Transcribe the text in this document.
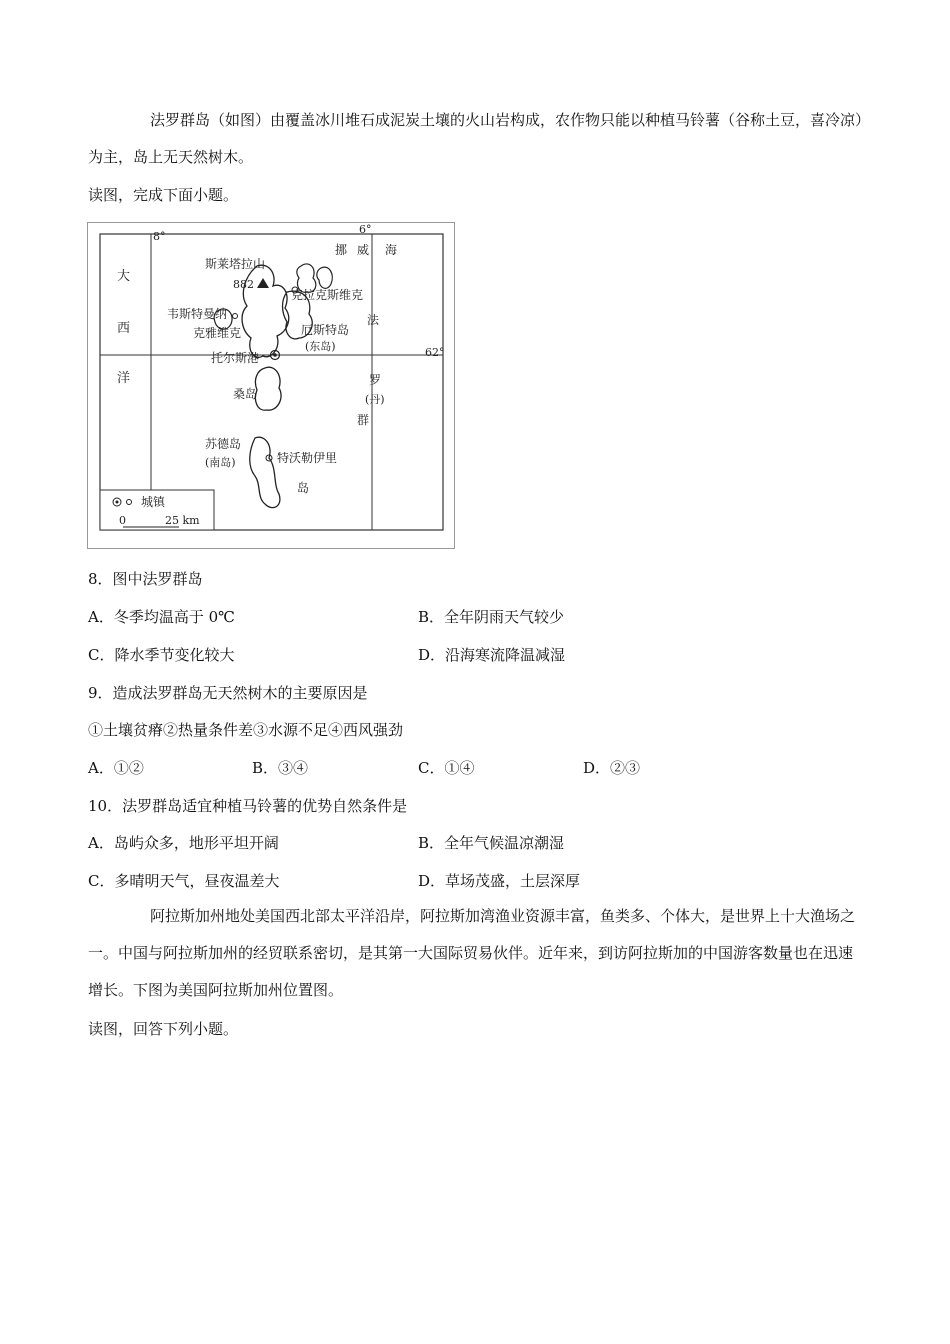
法罗群岛（如图）由覆盖冰川堆石成泥炭土壤的火山岩构成，农作物只能以种植马铃薯（谷称土豆，喜冷凉）为主，岛上无天然树木。

读图，完成下面小题。

8°
6°
62°
大
西
洋
挪 威 海
斯莱塔拉山
882
克拉克斯维克
韦斯特曼纳
克雅维克
法
厄斯特岛
(东岛)
托尔斯港
罗
(丹)
桑岛
群
苏德岛
(南岛)	特沃勒伊里
岛
城镇
0	25 km

8．图中法罗群岛

A．冬季均温高于 0℃	B．全年阴雨天气较少
C．降水季节变化较大	D．沿海寒流降温减湿

9．造成法罗群岛无天然树木的主要原因是

①土壤贫瘠②热量条件差③水源不足④西风强劲

A．①②	B．③④	C．①④	D．②③

10．法罗群岛适宜种植马铃薯的优势自然条件是

A．岛屿众多，地形平坦开阔	B．全年气候温凉潮湿
C．多晴明天气，昼夜温差大	D．草场茂盛，土层深厚

阿拉斯加州地处美国西北部太平洋沿岸，阿拉斯加湾渔业资源丰富，鱼类多、个体大，是世界上十大渔场之一。中国与阿拉斯加州的经贸联系密切，是其第一大国际贸易伙伴。近年来，到访阿拉斯加的中国游客数量也在迅速增长。下图为美国阿拉斯加州位置图。

读图，回答下列小题。
